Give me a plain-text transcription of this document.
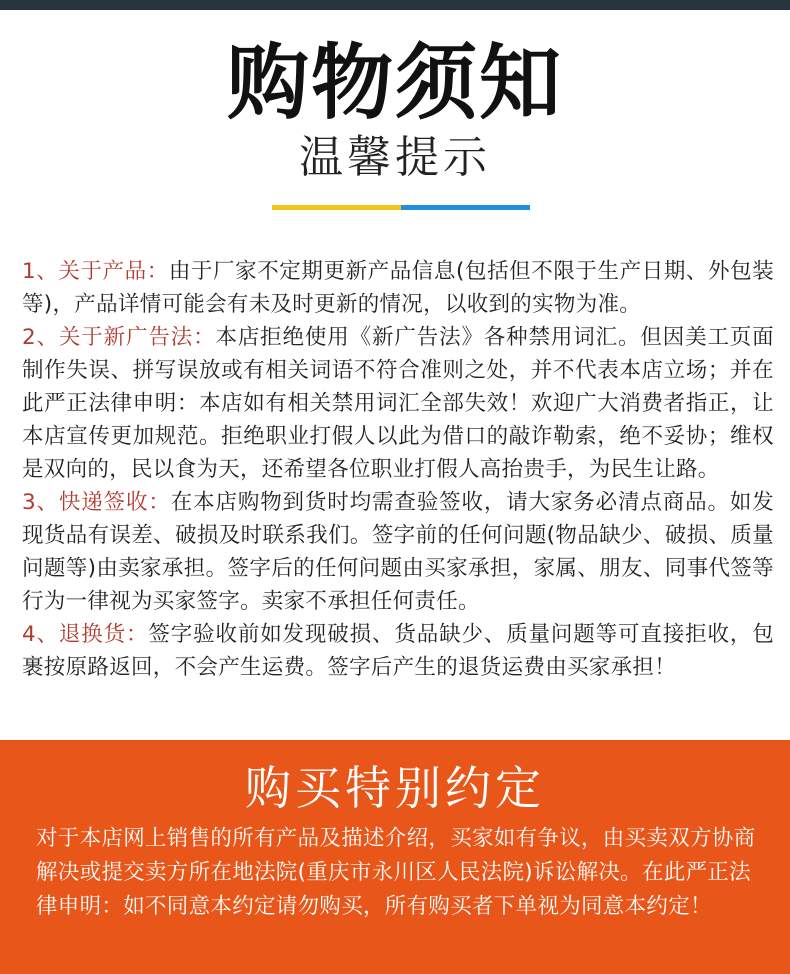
购物须知
温馨提示

1、关于产品：由于厂家不定期更新产品信息(包括但不限于生产日期、外包装等)，产品详情可能会有未及时更新的情况，以收到的实物为准。

2、关于新广告法：本店拒绝使用《新广告法》各种禁用词汇。但因美工页面制作失误、拼写误放或有相关词语不符合准则之处，并不代表本店立场；并在此严正法律申明：本店如有相关禁用词汇全部失效！欢迎广大消费者指正，让本店宣传更加规范。拒绝职业打假人以此为借口的敲诈勒索，绝不妥协；维权是双向的，民以食为天，还希望各位职业打假人高抬贵手，为民生让路。

3、快递签收：在本店购物到货时均需查验签收，请大家务必清点商品。如发现货品有误差、破损及时联系我们。签字前的任何问题(物品缺少、破损、质量问题等)由卖家承担。签字后的任何问题由买家承担，家属、朋友、同事代签等行为一律视为买家签字。卖家不承担任何责任。

4、退换货：签字验收前如发现破损、货品缺少、质量问题等可直接拒收，包裹按原路返回，不会产生运费。签字后产生的退货运费由买家承担！

购买特别约定
对于本店网上销售的所有产品及描述介绍，买家如有争议，由买卖双方协商解决或提交卖方所在地法院(重庆市永川区人民法院)诉讼解决。在此严正法律申明：如不同意本约定请勿购买，所有购买者下单视为同意本约定！
